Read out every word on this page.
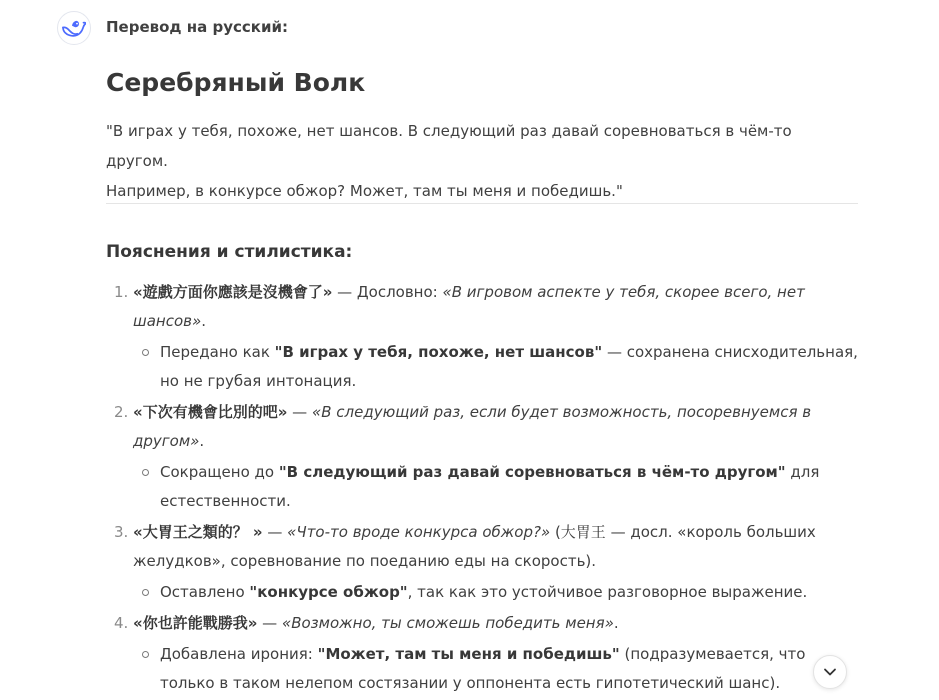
Перевод на русский:
Серебряный Волк

"В играх у тебя, похоже, нет шансов. В следующий раз давай соревноваться в чём-то другом.
Например, в конкурсе обжор? Может, там ты меня и победишь."

Пояснения и стилистика:
1. «遊戲方面你應該是沒機會了» — Дословно: «В игровом аспекте у тебя, скорее всего, нет шансов».
Передано как "В играх у тебя, похоже, нет шансов" — сохранена снисходительная, но не грубая интонация.
2. «下次有機會比別的吧» — «В следующий раз, если будет возможность, посоревнуемся в другом».
Сокращено до "В следующий раз давай соревноваться в чём-то другом" для естественности.
3. «大胃王之類的？ » — «Что-то вроде конкурса обжор?» (大胃王 — досл. «король больших желудков», соревнование по поеданию еды на скорость).
Оставлено "конкурсе обжор", так как это устойчивое разговорное выражение.
4. «你也許能戰勝我» — «Возможно, ты сможешь победить меня».
Добавлена ирония: "Может, там ты меня и победишь" (подразумевается, что только в таком нелепом состязании у оппонента есть гипотетический шанс).
